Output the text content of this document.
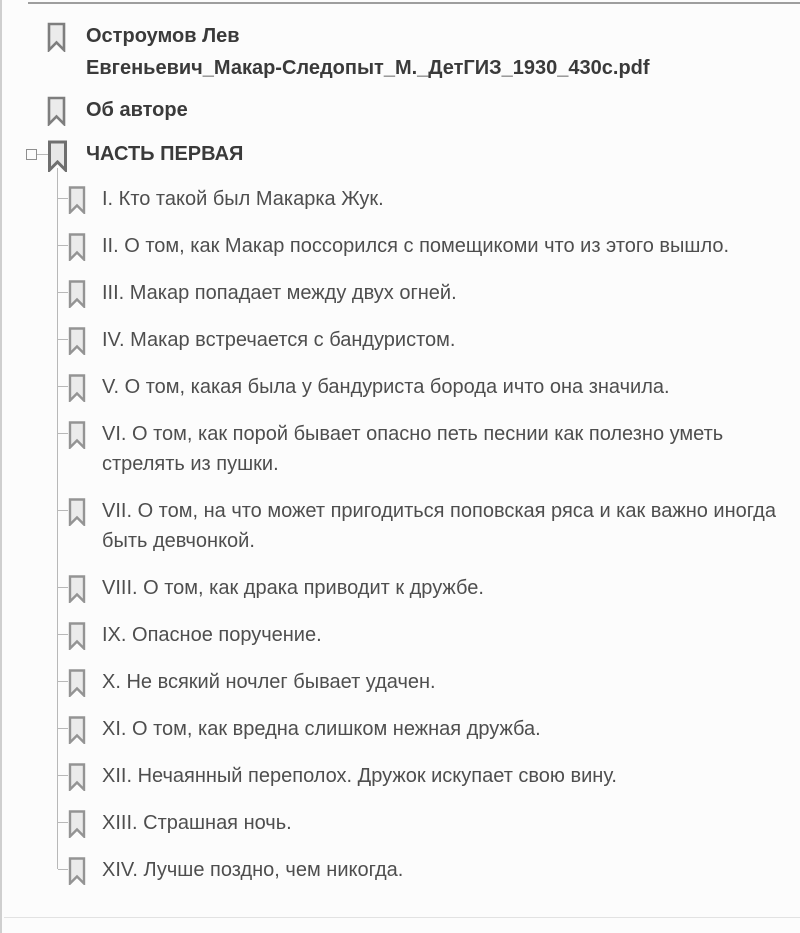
Остроумов Лев
Евгеньевич_Макар-Следопыт_М._ДетГИЗ_1930_430с.pdf
Об авторе
ЧАСТЬ ПЕРВАЯ
I. Кто такой был Макарка Жук.
II. О том, как Макар поссорился с помещикоми что из этого вышло.
III. Макар попадает между двух огней.
IV. Макар встречается с бандуристом.
V. О том, какая была у бандуриста борода ичто она значила.
VI. О том, как порой бывает опасно петь песнии как полезно уметь стрелять из пушки.
VII. О том, на что может пригодиться поповская ряса и как важно иногда быть девчонкой.
VIII. О том, как драка приводит к дружбе.
IX. Опасное поручение.
X. Не всякий ночлег бывает удачен.
XI. О том, как вредна слишком нежная дружба.
XII. Нечаянный переполох. Дружок искупает свою вину.
XIII. Страшная ночь.
XIV. Лучше поздно, чем никогда.
